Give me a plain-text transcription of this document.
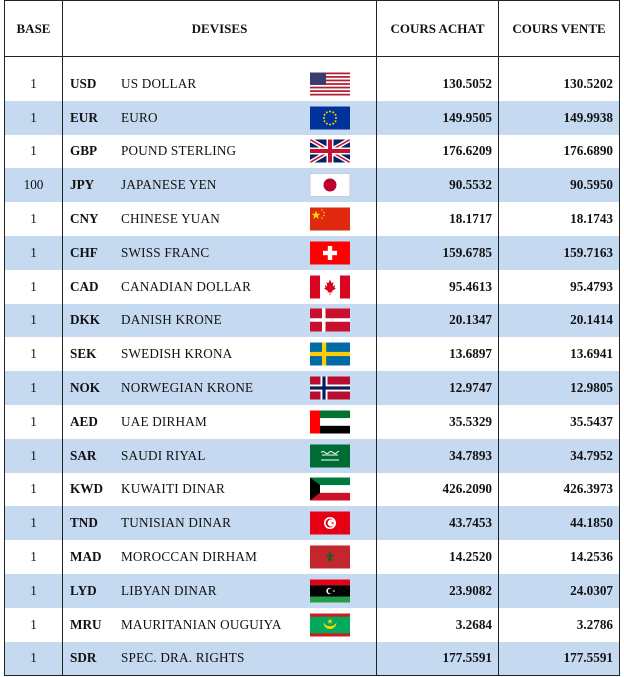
BASE	DEVISES	COURS ACHAT	COURS VENTE

1	USD US DOLLAR	130.5052	130.5202
1	EUR EURO	149.9505	149.9938
1	GBP POUND STERLING	176.6209	176.6890
100	JPY JAPANESE YEN	90.5532	90.5950
1	CNY CHINESE YUAN	18.1717	18.1743
1	CHF SWISS FRANC	159.6785	159.7163
1	CAD CANADIAN DOLLAR	95.4613	95.4793
1	DKK DANISH KRONE	20.1347	20.1414
1	SEK SWEDISH KRONA	13.6897	13.6941
1	NOK NORWEGIAN KRONE	12.9747	12.9805
1	AED UAE DIRHAM	35.5329	35.5437
1	SAR SAUDI RIYAL	34.7893	34.7952
1	KWD KUWAITI DINAR	426.2090	426.3973
1	TND TUNISIAN DINAR	43.7453	44.1850
1	MAD MOROCCAN DIRHAM	14.2520	14.2536
1	LYD LIBYAN DINAR	23.9082	24.0307
1	MRU MAURITANIAN OUGUIYA	3.2684	3.2786
1	SDR SPEC. DRA. RIGHTS	177.5591	177.5591
